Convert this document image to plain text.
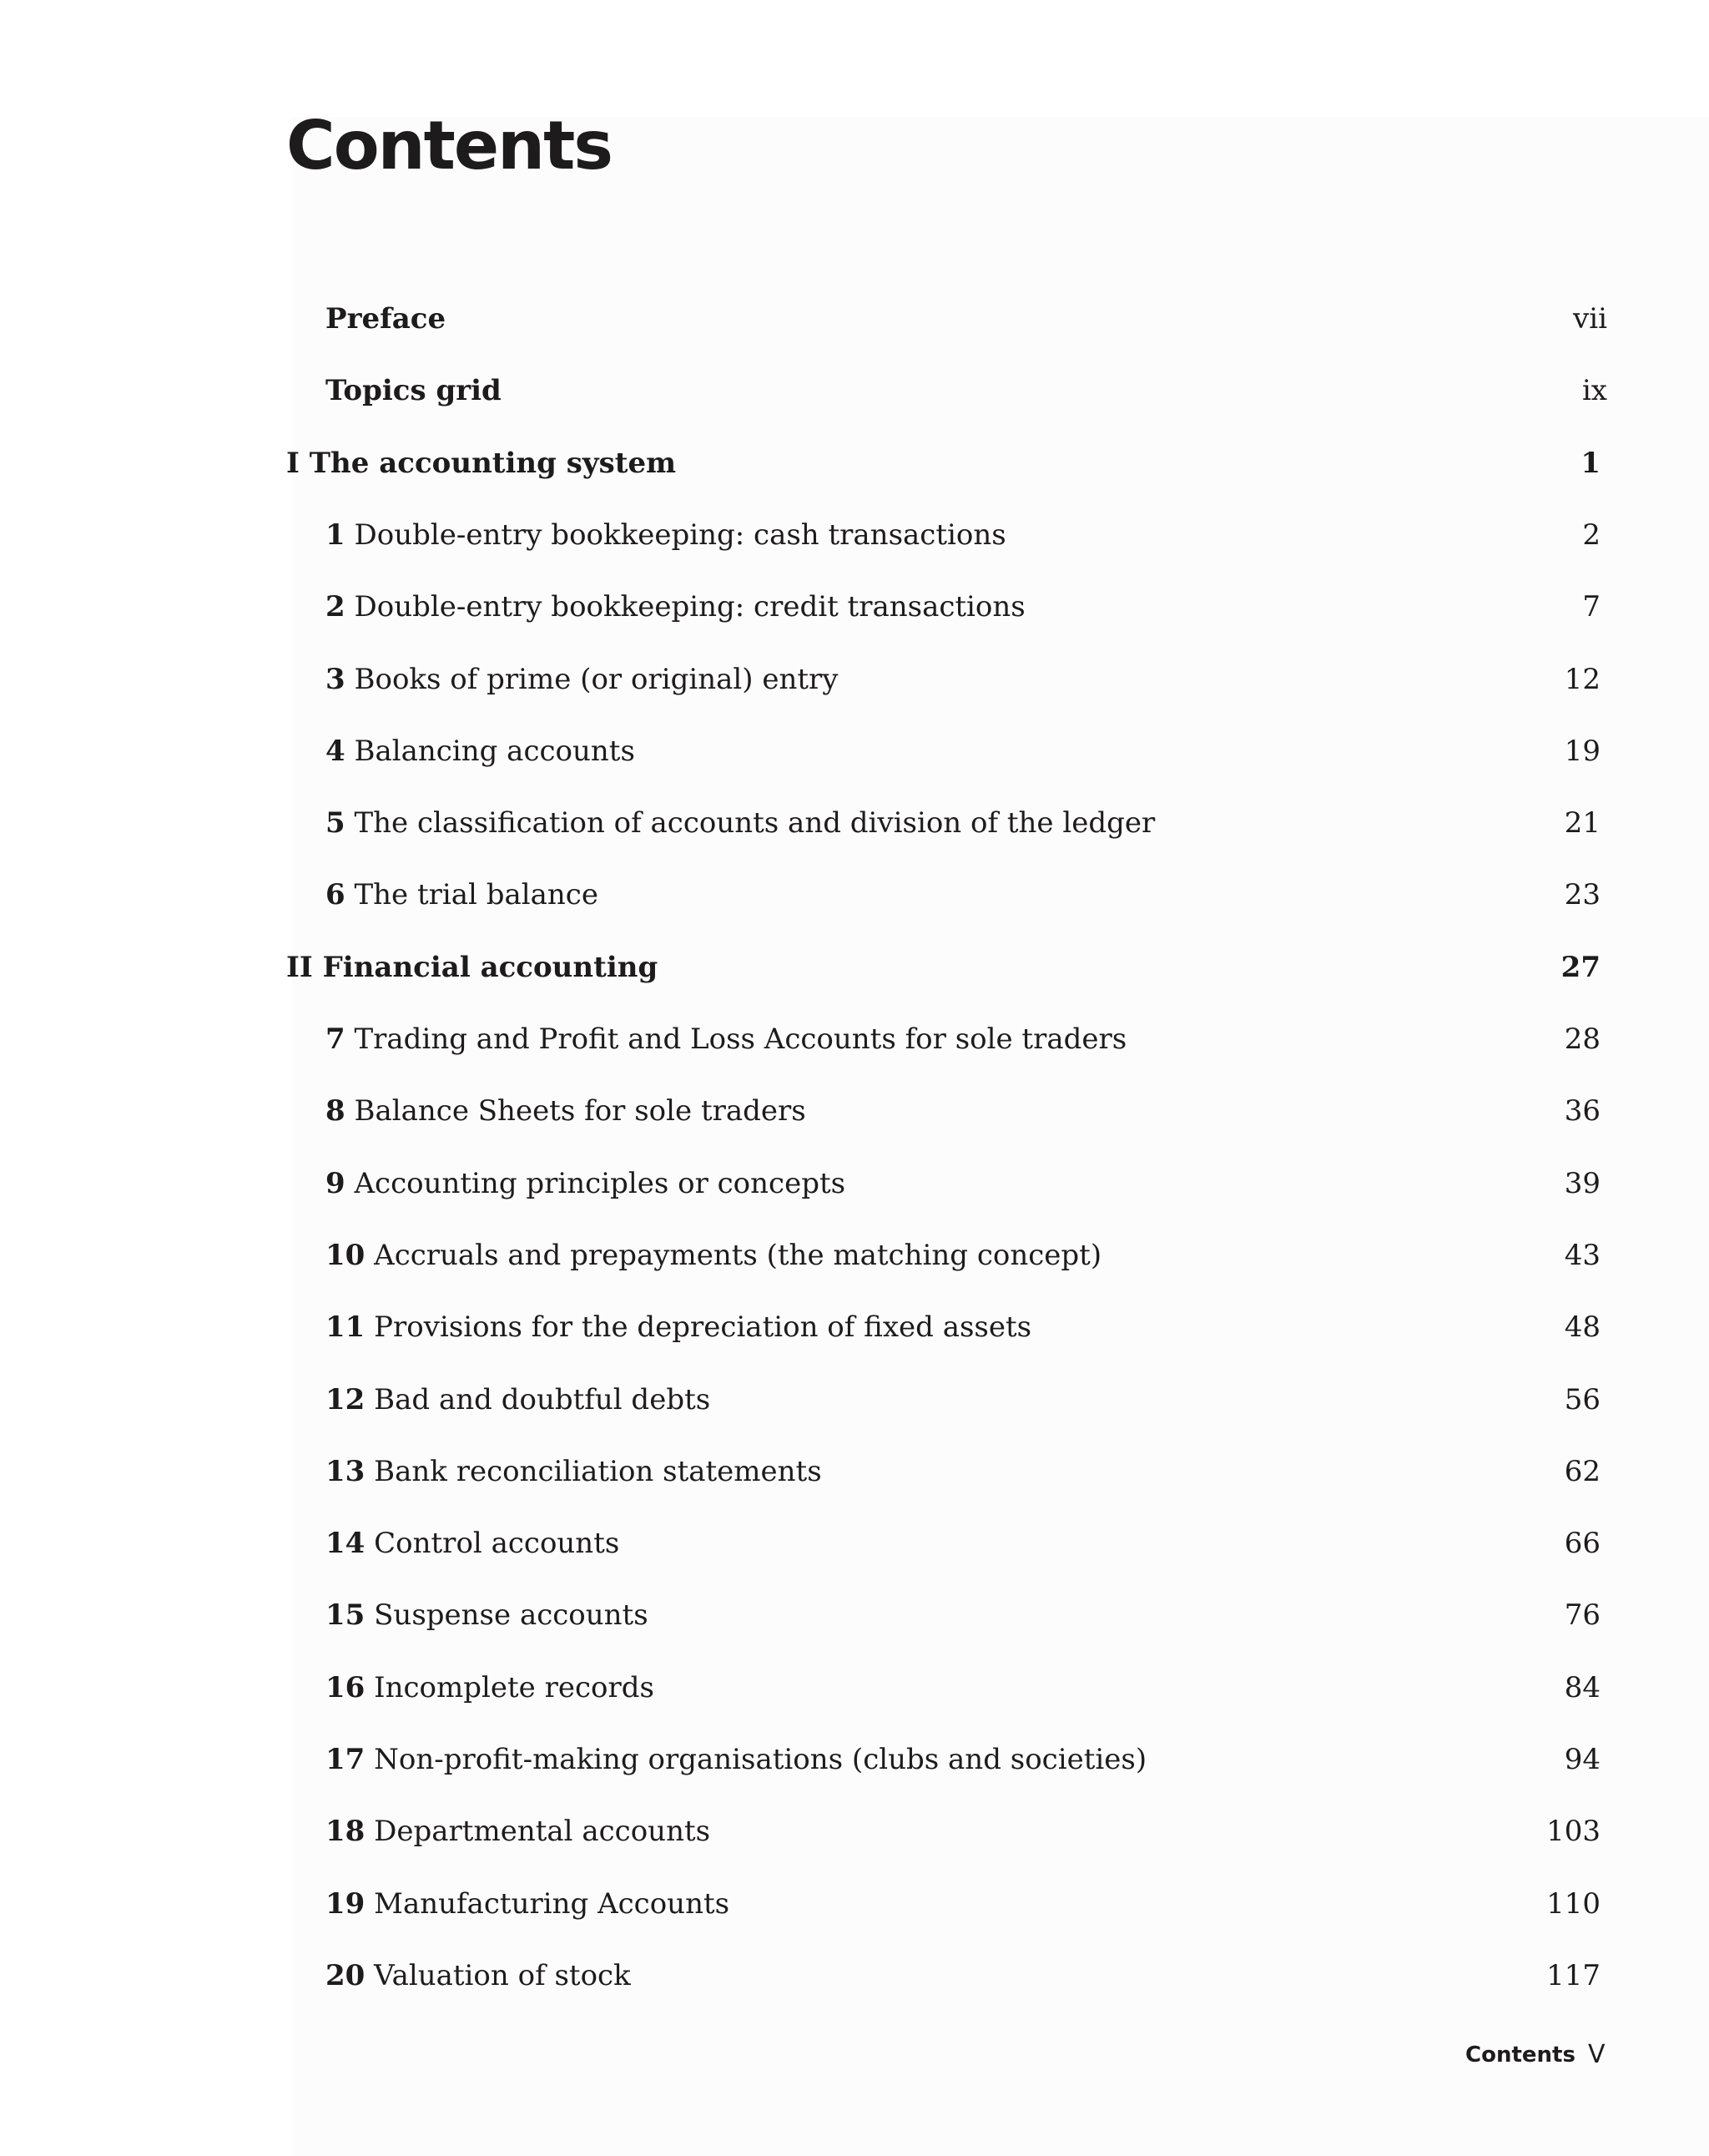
Contents
Preface	vii
Topics grid	ix
I The accounting system	1
1 Double-entry bookkeeping: cash transactions	2
2 Double-entry bookkeeping: credit transactions	7
3 Books of prime (or original) entry	12
4 Balancing accounts	19
5 The classification of accounts and division of the ledger	21
6 The trial balance	23
II Financial accounting	27
7 Trading and Profit and Loss Accounts for sole traders	28
8 Balance Sheets for sole traders	36
9 Accounting principles or concepts	39
10 Accruals and prepayments (the matching concept)	43
11 Provisions for the depreciation of fixed assets	48
12 Bad and doubtful debts	56
13 Bank reconciliation statements	62
14 Control accounts	66
15 Suspense accounts	76
16 Incomplete records	84
17 Non-profit-making organisations (clubs and societies)	94
18 Departmental accounts	103
19 Manufacturing Accounts	110
20 Valuation of stock	117
Contents V
